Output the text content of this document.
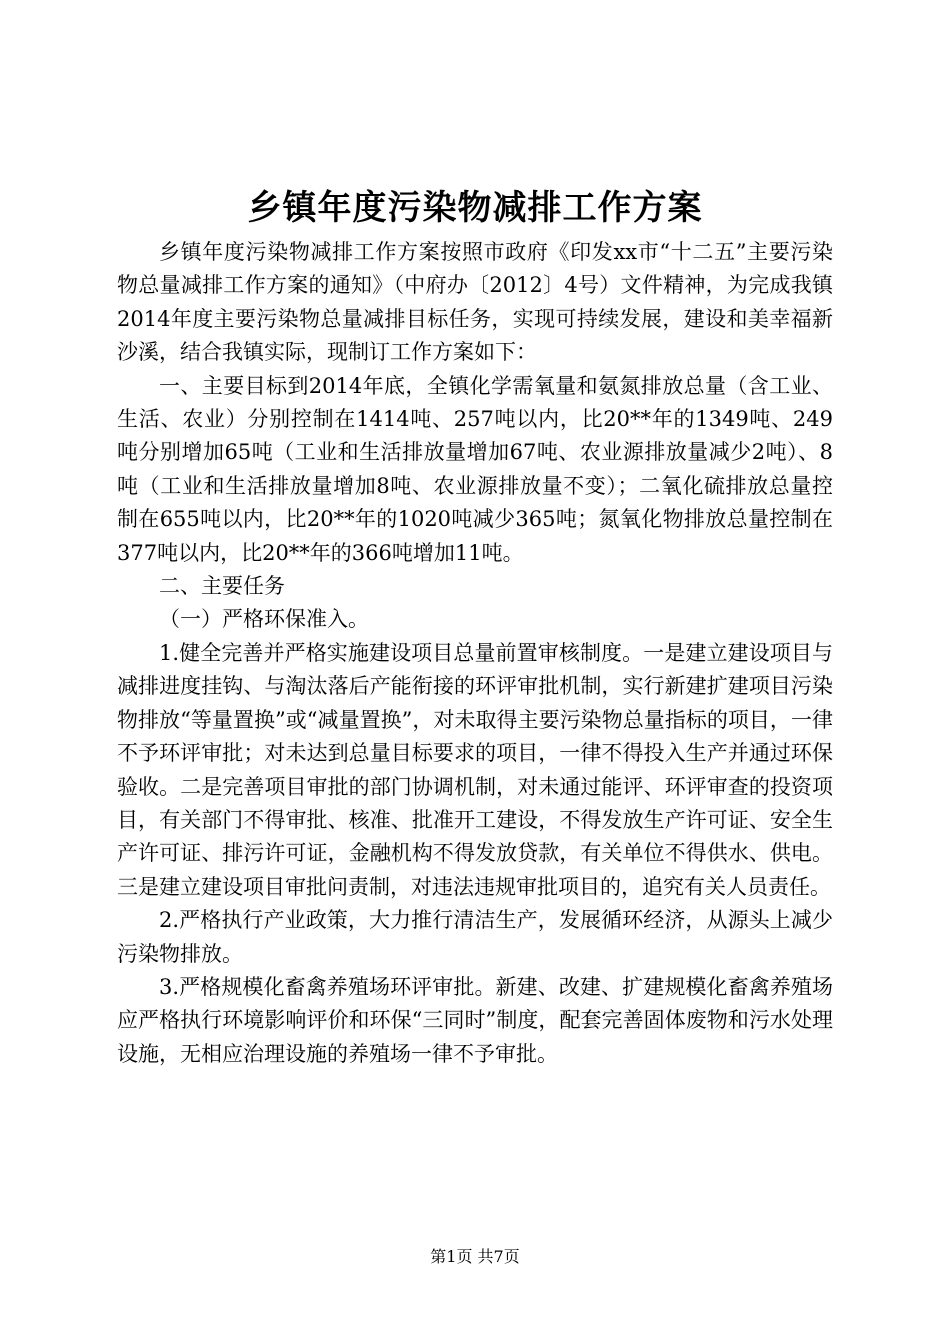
乡镇年度污染物减排工作方案

乡镇年度污染物减排工作方案按照市政府《印发xx市“十二五”主要污染物总量减排工作方案的通知》（中府办〔2012〕4号）文件精神，为完成我镇2014年度主要污染物总量减排目标任务，实现可持续发展，建设和美幸福新沙溪，结合我镇实际，现制订工作方案如下：

一、主要目标到2014年底，全镇化学需氧量和氨氮排放总量（含工业、生活、农业）分别控制在1414吨、257吨以内，比20**年的1349吨、249吨分别增加65吨（工业和生活排放量增加67吨、农业源排放量减少2吨）、8吨（工业和生活排放量增加8吨、农业源排放量不变）；二氧化硫排放总量控制在655吨以内，比20**年的1020吨减少365吨；氮氧化物排放总量控制在377吨以内，比20**年的366吨增加11吨。

二、主要任务

（一）严格环保准入。

1.健全完善并严格实施建设项目总量前置审核制度。一是建立建设项目与减排进度挂钩、与淘汰落后产能衔接的环评审批机制，实行新建扩建项目污染物排放“等量置换”或“减量置换”，对未取得主要污染物总量指标的项目，一律不予环评审批；对未达到总量目标要求的项目，一律不得投入生产并通过环保验收。二是完善项目审批的部门协调机制，对未通过能评、环评审查的投资项目，有关部门不得审批、核准、批准开工建设，不得发放生产许可证、安全生产许可证、排污许可证，金融机构不得发放贷款，有关单位不得供水、供电。三是建立建设项目审批问责制，对违法违规审批项目的，追究有关人员责任。

2.严格执行产业政策，大力推行清洁生产，发展循环经济，从源头上减少污染物排放。

3.严格规模化畜禽养殖场环评审批。新建、改建、扩建规模化畜禽养殖场应严格执行环境影响评价和环保“三同时”制度，配套完善固体废物和污水处理设施，无相应治理设施的养殖场一律不予审批。

第1页 共7页
